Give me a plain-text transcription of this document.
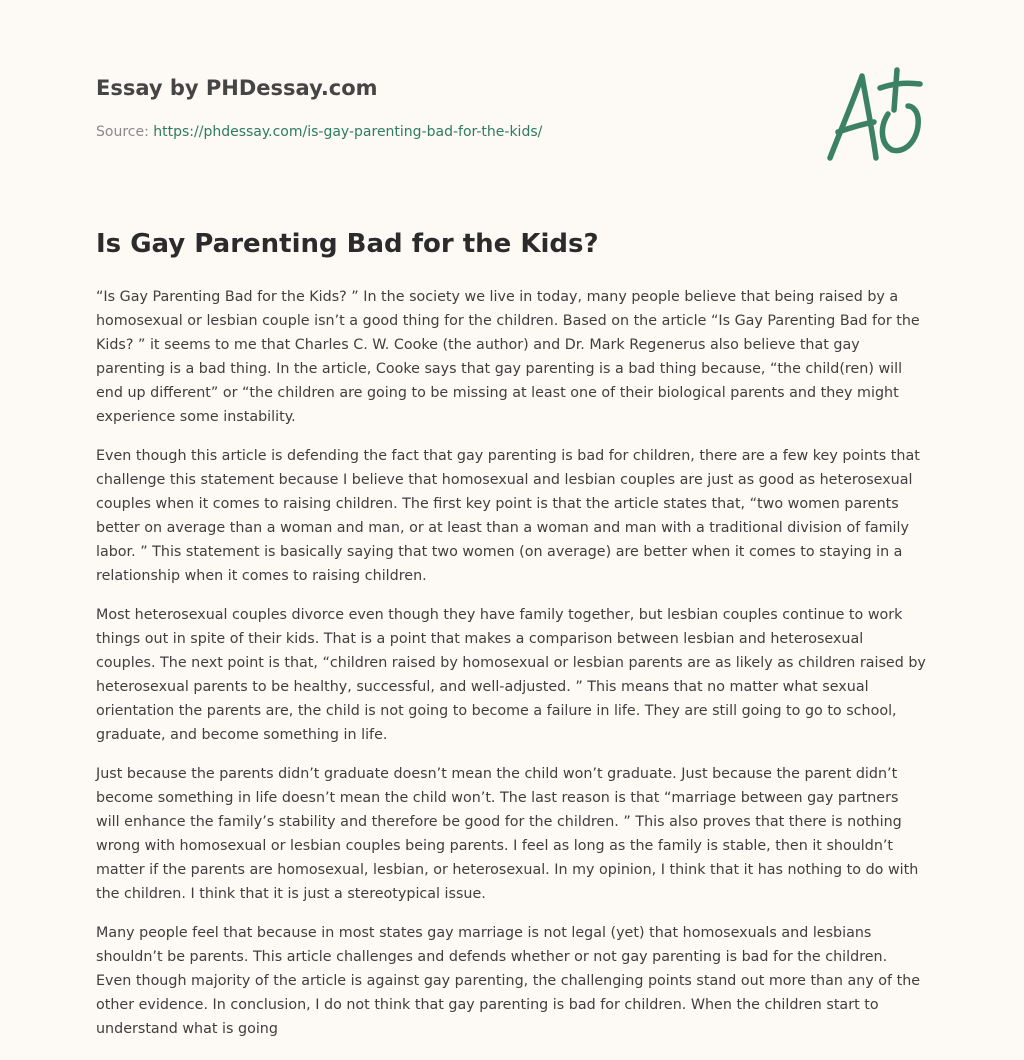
Essay by PHDessay.com
Source: https://phdessay.com/is-gay-parenting-bad-for-the-kids/
Is Gay Parenting Bad for the Kids?

“Is Gay Parenting Bad for the Kids? ” In the society we live in today, many people believe that being raised by a homosexual or lesbian couple isn’t a good thing for the children. Based on the article “Is Gay Parenting Bad for the Kids? ” it seems to me that Charles C. W. Cooke (the author) and Dr. Mark Regenerus also believe that gay parenting is a bad thing. In the article, Cooke says that gay parenting is a bad thing because, “the child(ren) will end up different” or “the children are going to be missing at least one of their biological parents and they might experience some instability.

Even though this article is defending the fact that gay parenting is bad for children, there are a few key points that challenge this statement because I believe that homosexual and lesbian couples are just as good as heterosexual couples when it comes to raising children. The first key point is that the article states that, “two women parents better on average than a woman and man, or at least than a woman and man with a traditional division of family labor. ” This statement is basically saying that two women (on average) are better when it comes to staying in a relationship when it comes to raising children.

Most heterosexual couples divorce even though they have family together, but lesbian couples continue to work things out in spite of their kids. That is a point that makes a comparison between lesbian and heterosexual couples. The next point is that, “children raised by homosexual or lesbian parents are as likely as children raised by heterosexual parents to be healthy, successful, and well-adjusted. ” This means that no matter what sexual orientation the parents are, the child is not going to become a failure in life. They are still going to go to school, graduate, and become something in life.

Just because the parents didn’t graduate doesn’t mean the child won’t graduate. Just because the parent didn’t become something in life doesn’t mean the child won’t. The last reason is that “marriage between gay partners will enhance the family’s stability and therefore be good for the children. ” This also proves that there is nothing wrong with homosexual or lesbian couples being parents. I feel as long as the family is stable, then it shouldn’t matter if the parents are homosexual, lesbian, or heterosexual. In my opinion, I think that it has nothing to do with the children. I think that it is just a stereotypical issue.

Many people feel that because in most states gay marriage is not legal (yet) that homosexuals and lesbians shouldn’t be parents. This article challenges and defends whether or not gay parenting is bad for the children. Even though majority of the article is against gay parenting, the challenging points stand out more than any of the other evidence. In conclusion, I do not think that gay parenting is bad for children. When the children start to understand what is going
